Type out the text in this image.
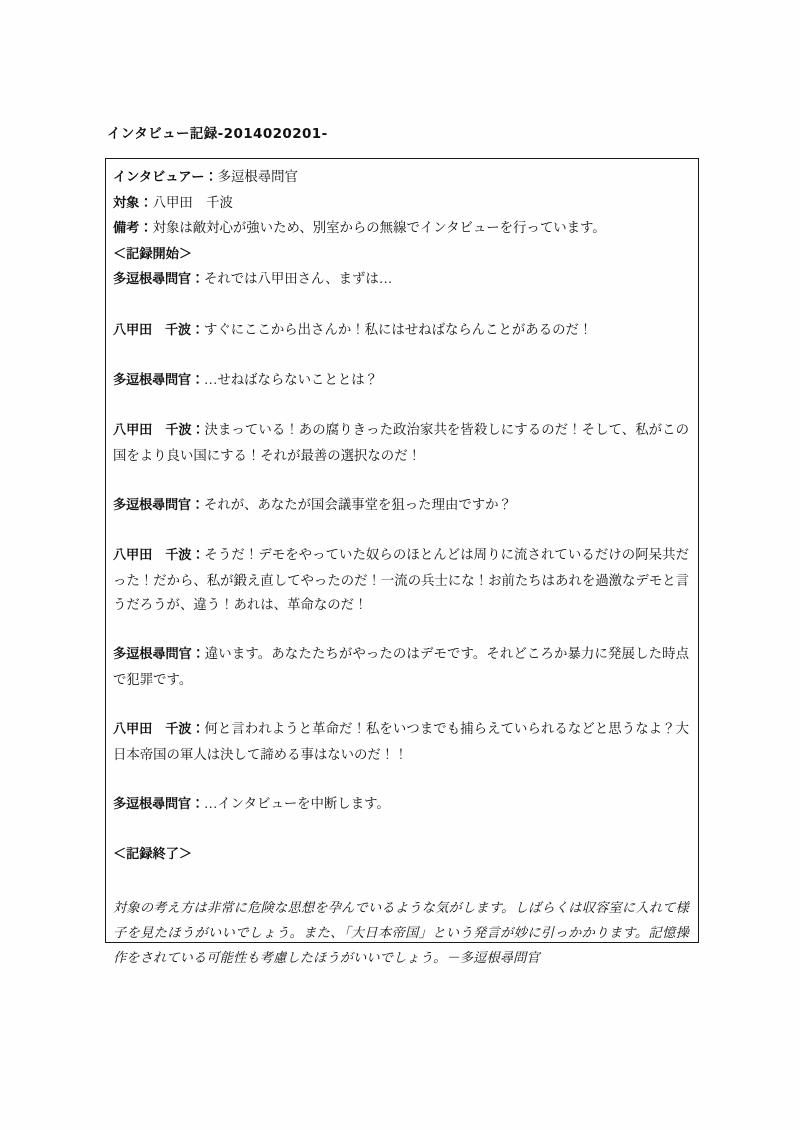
インタビュー記録-2014020201-
インタビュアー：多逗根尋問官
対象：八甲田　千波
備考：対象は敵対心が強いため、別室からの無線でインタビューを行っています。
＜記録開始＞

多逗根尋問官：それでは八甲田さん、まずは…

八甲田　千波：すぐにここから出さんか！私にはせねばならんことがあるのだ！

多逗根尋問官：…せねばならないこととは？

八甲田　千波：決まっている！あの腐りきった政治家共を皆殺しにするのだ！そして、私がこの国をより良い国にする！それが最善の選択なのだ！

多逗根尋問官：それが、あなたが国会議事堂を狙った理由ですか？

八甲田　千波：そうだ！デモをやっていた奴らのほとんどは周りに流されているだけの阿呆共だった！だから、私が鍛え直してやったのだ！一流の兵士にな！お前たちはあれを過激なデモと言うだろうが、違う！あれは、革命なのだ！

多逗根尋問官：違います。あなたたちがやったのはデモです。それどころか暴力に発展した時点で犯罪です。

八甲田　千波：何と言われようと革命だ！私をいつまでも捕らえていられるなどと思うなよ？大日本帝国の軍人は決して諦める事はないのだ！！

多逗根尋問官：…インタビューを中断します。

＜記録終了＞

対象の考え方は非常に危険な思想を孕んでいるような気がします。しばらくは収容室に入れて様子を見たほうがいいでしょう。また、「大日本帝国」という発言が妙に引っかかります。記憶操作をされている可能性も考慮したほうがいいでしょう。－多逗根尋問官
